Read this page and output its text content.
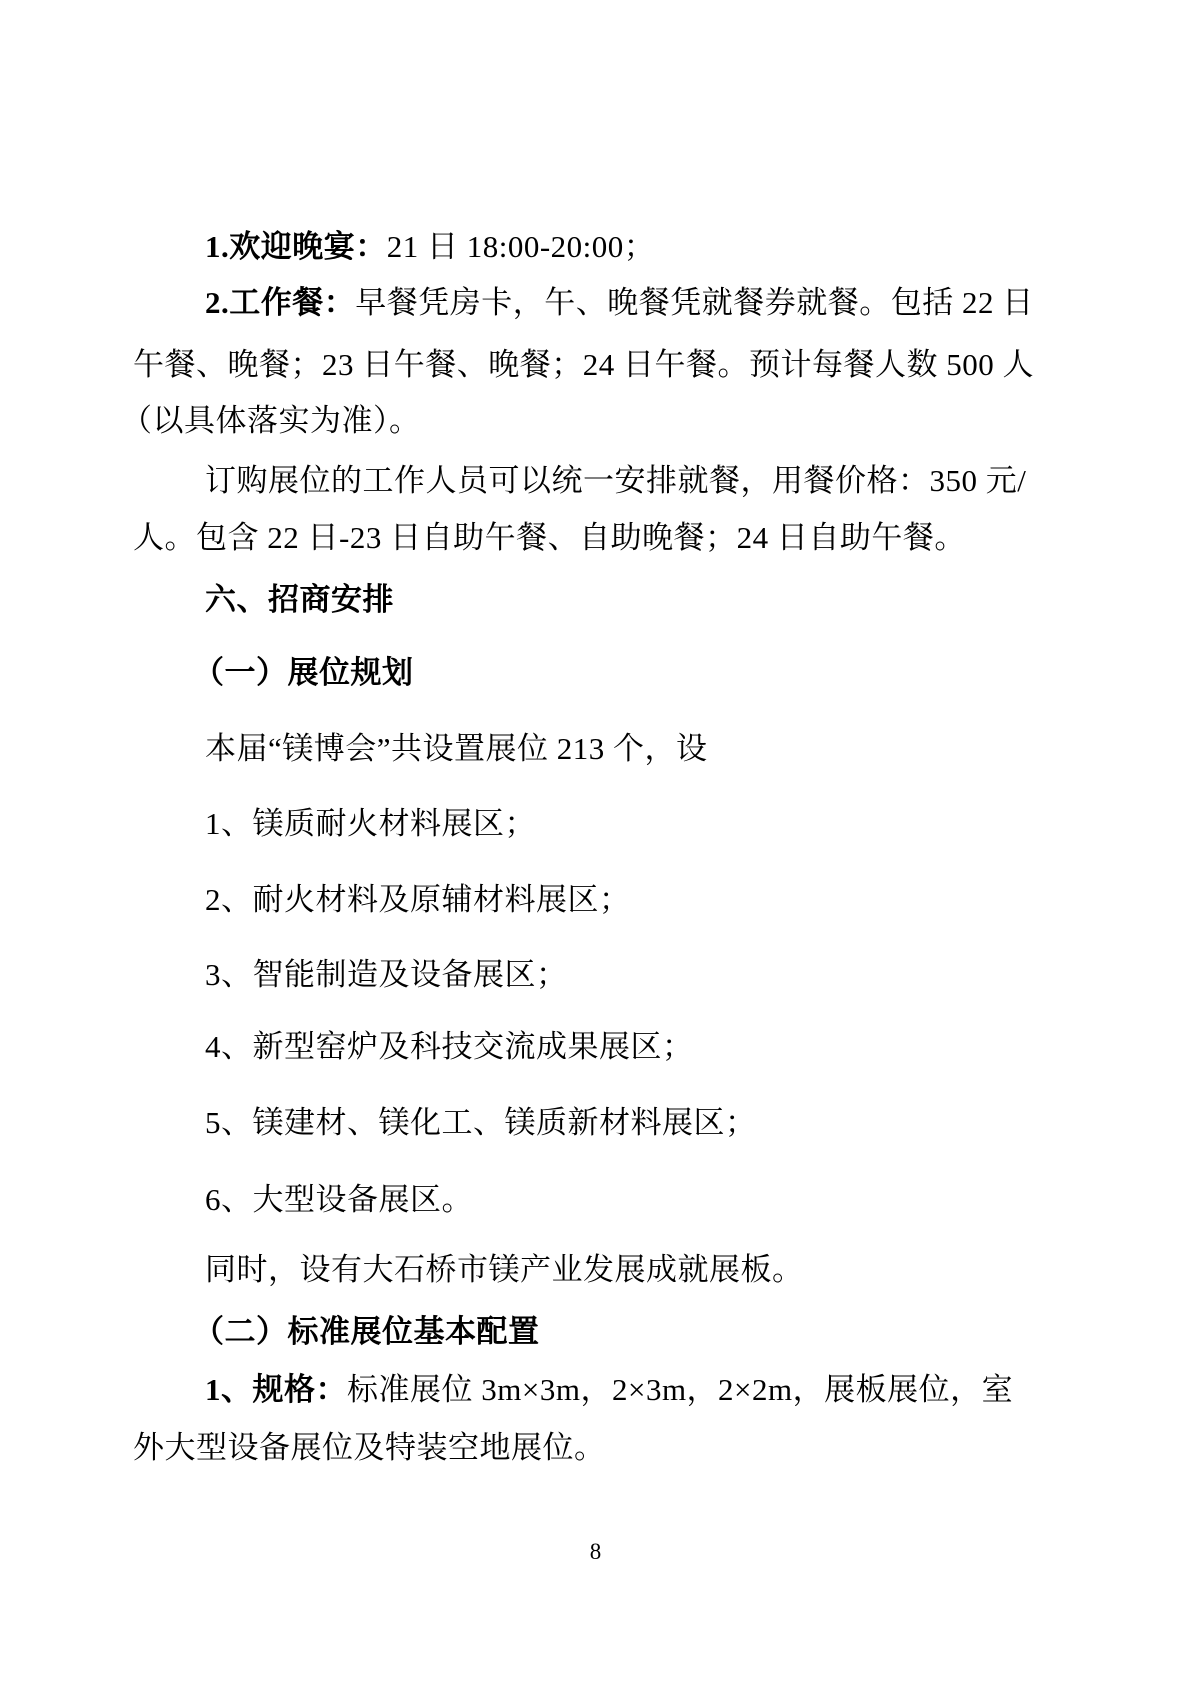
1.欢迎晚宴：21 日 18:00-20:00；
2.工作餐：早餐凭房卡，午、晚餐凭就餐券就餐。包括 22 日
午餐、晚餐；23 日午餐、晚餐；24 日午餐。预计每餐人数 500 人
（以具体落实为准）。
订购展位的工作人员可以统一安排就餐，用餐价格：350 元/
人。包含 22 日-23 日自助午餐、自助晚餐；24 日自助午餐。
六、招商安排
（一）展位规划
本届“镁博会”共设置展位 213 个，设
1、镁质耐火材料展区；
2、耐火材料及原辅材料展区；
3、智能制造及设备展区；
4、新型窑炉及科技交流成果展区；
5、镁建材、镁化工、镁质新材料展区；
6、大型设备展区。
同时，设有大石桥市镁产业发展成就展板。
（二）标准展位基本配置
1、规格：标准展位 3m×3m，2×3m，2×2m，展板展位，室
外大型设备展位及特装空地展位。
8
